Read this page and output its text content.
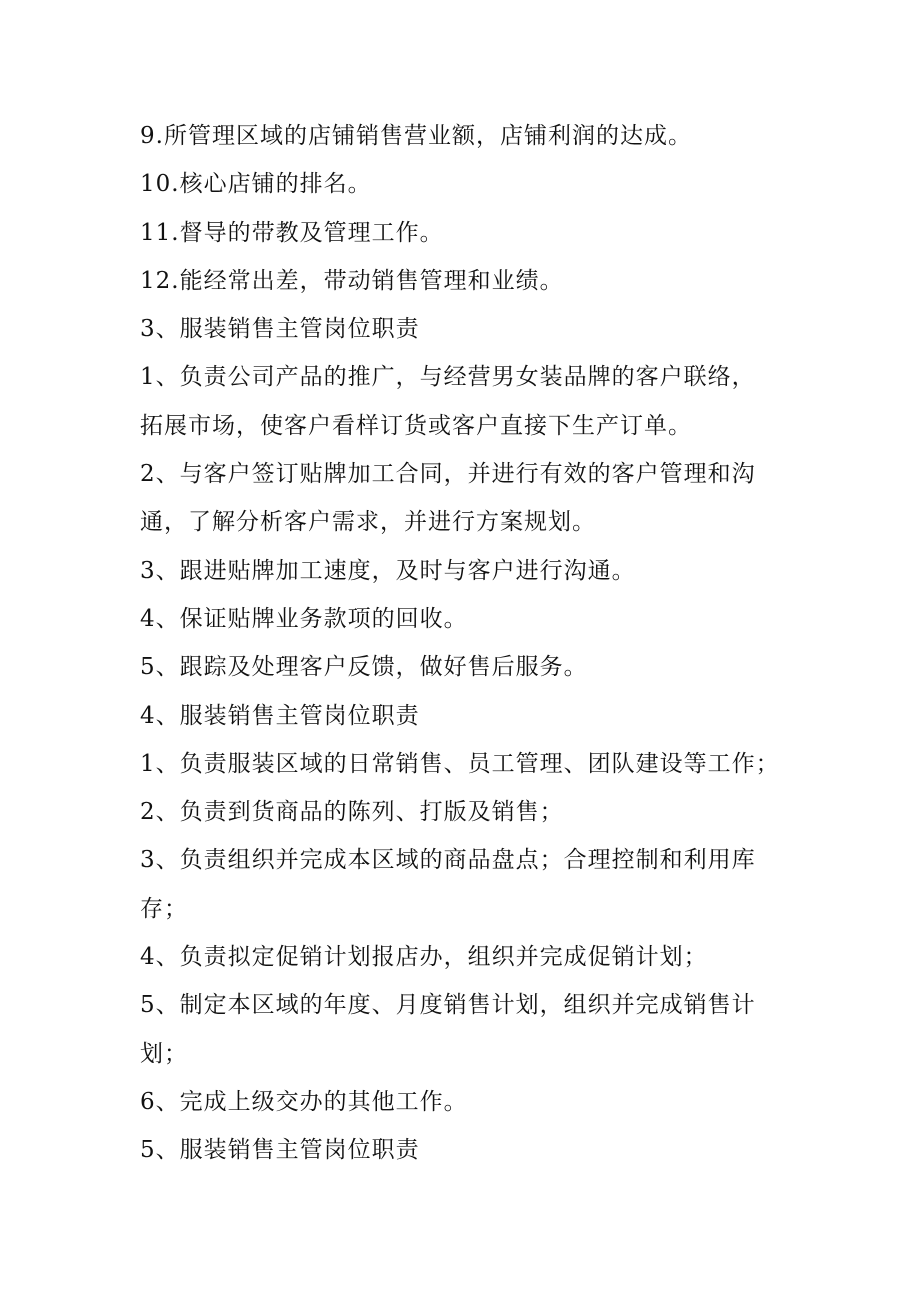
9.所管理区域的店铺销售营业额，店铺利润的达成。

10.核心店铺的排名。

11.督导的带教及管理工作。

12.能经常出差，带动销售管理和业绩。

3、服装销售主管岗位职责

1、负责公司产品的推广，与经营男女装品牌的客户联络，

拓展市场，使客户看样订货或客户直接下生产订单。

2、与客户签订贴牌加工合同，并进行有效的客户管理和沟

通，了解分析客户需求，并进行方案规划。

3、跟进贴牌加工速度，及时与客户进行沟通。

4、保证贴牌业务款项的回收。

5、跟踪及处理客户反馈，做好售后服务。

4、服装销售主管岗位职责

1、负责服装区域的日常销售、员工管理、团队建设等工作；

2、负责到货商品的陈列、打版及销售；

3、负责组织并完成本区域的商品盘点；合理控制和利用库

存；

4、负责拟定促销计划报店办，组织并完成促销计划；

5、制定本区域的年度、月度销售计划，组织并完成销售计

划；

6、完成上级交办的其他工作。

5、服装销售主管岗位职责
